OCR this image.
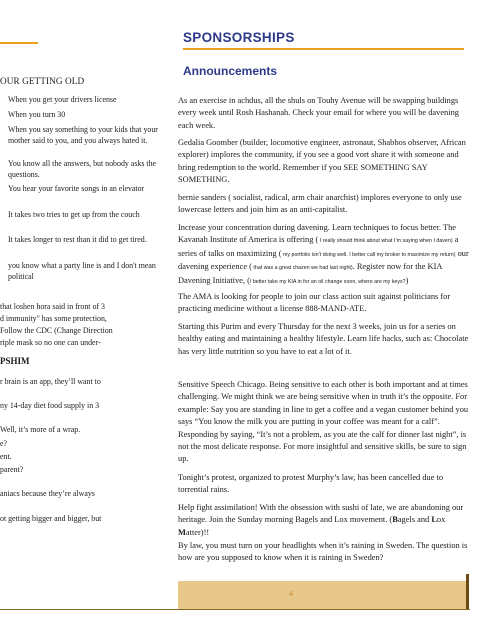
OUR GETTING OLD
When you get your drivers license
When you turn 30
When you say something to your kids that your mother said to you, and you always hated it.
You know all the answers, but nobody asks the questions.
You hear your favorite songs in an elevator
It takes two tries to get up from the couch
It takes longer to rest than it did to get tired.
you know what a party line is and I don't mean political
that loshen hora said in front of 3
d immunity" has some protection,
Follow the CDC (Change Direction
riple mask so no one can under-
PSHIM
r brain is an app, they’ll want to
ny 14-day diet food supply in 3
Well, it’s more of a wrap.
e?
ent.
parent?
aniacs because they’re always
ot getting bigger and bigger, but
SPONSORSHIPS
Announcements

As an exercise in achdus, all the shuls on Touhy Avenue will be swapping buildings every week until Rosh Hashanah. Check your email for where you will be davening each week.

Gedalia Goomber (builder, locomotive engineer, astronaut, Shabbos observer, African explorer) implores the community, if you see a good vort share it with someone and bring redemption to the world. Remember if you SEE SOMETHING SAY SOMETHING.

bernie sanders ( socialist, radical, arm chair anarchist) implores everyone to only use lowercase letters and join him as an anti-capitalist.

Increase your concentration during davening. Learn techniques to focus better. The Kavanah Institute of America is offering ( I really should think about what I’m saying when I daven) a series of talks on maximizing ( my portfolio isn’t doing well. I better call my broker to maximize my return) our davening experience ( that was a great chazen we had last night). Register now for the KIA Davening Initiative, (I better take my KIA in for an oil change soon, where are my keys?)

The AMA is looking for people to join our class action suit against politicians for practicing medicine without a license 888-MAND-ATE.

Starting this Purim and every Thursday for the next 3 weeks, join us for a series on healthy eating and maintaining a healthy lifestyle. Learn life hacks, such as: Chocolate has very little nutrition so you have to eat a lot of it.

Sensitive Speech Chicago. Being sensitive to each other is both important and at times challenging. We might think we are being sensitive when in truth it’s the opposite. For example: Say you are standing in line to get a coffee and a vegan customer behind you says “You know the milk you are putting in your coffee was meant for a calf”. Responding by saying, “It’s not a problem, as you ate the calf for dinner last night”, is not the most delicate response. For more insightful and sensitive skills, be sure to sign up.

Tonight’s protest, organized to protest Murphy’s law, has been cancelled due to torrential rains.

Help fight assimilation! With the obsession with sushi of late, we are abandoning our heritage. Join the Sunday morning Bagels and Lox movement. (Bagels and Lox Matter)!!

By law, you must turn on your headlights when it’s raining in Sweden. The question is how are you supposed to know when it is raining in Sweden?

4
